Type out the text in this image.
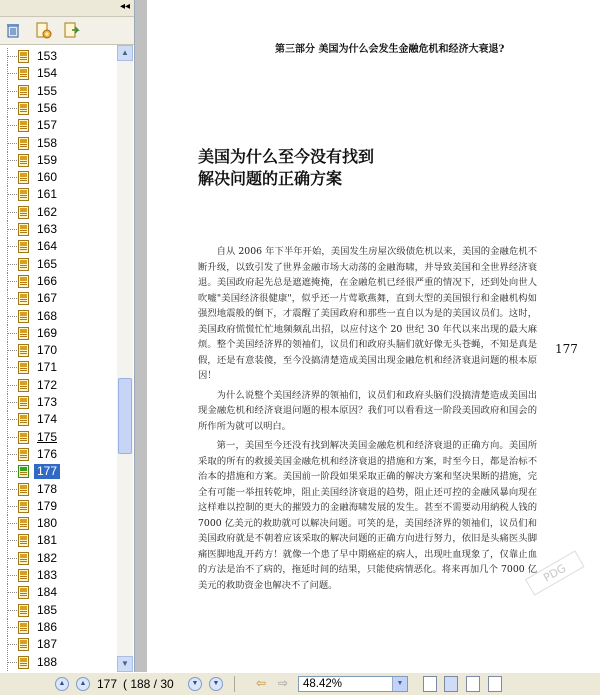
◂◂
153
154
155
156
157
158
159
160
161
162
163
164
165
166
167
168
169
170
171
172
173
174
175
176
177
178
179
180
181
182
183
184
185
186
187
188
▲
▼
第三部分 美国为什么会发生金融危机和经济大衰退?
美国为什么至今没有找到
解决问题的正确方案

自从 2006 年下半年开始，美国发生房屋次级债危机以来，美国的金融危机不断升级，以致引发了世界金融市场大动荡的金融海啸，并导致美国和全世界经济衰退。美国政府起先总是遮遮掩掩，在金融危机已经很严重的情况下，还到处向世人吹嘘"美国经济很健康"，似乎还一片莺歌燕舞，直到大型的美国银行和金融机构如强烈地震般的倒下，才震醒了美国政府和那些一直自以为是的美国议员们。这时，美国政府慌慌忙忙地频频乱出招，以应付这个 20 世纪 30 年代以来出现的最大麻烦。整个美国经济界的领袖们，议员们和政府头脑们就好像无头苍蝇，不知是真是假，还是有意装傻，至今没搞清楚造成美国出现金融危机和经济衰退问题的根本原因！

为什么说整个美国经济界的领袖们，议员们和政府头脑们没搞清楚造成美国出现金融危机和经济衰退问题的根本原因？我们可以看看这一阶段美国政府和国会的所作所为就可以明白。

第一，美国至今还没有找到解决美国金融危机和经济衰退的正确方向。美国所采取的所有的救援美国金融危机和经济衰退的措施和方案，时至今日，都是治标不治本的措施和方案。美国前一阶段如果采取正确的解决方案和坚决果断的措施，完全有可能一举扭转乾坤，阻止美国经济衰退的趋势，阻止还可控的金融风暴向现在这样难以控制的更大的摧毁力的金融海啸发展的发生。甚至不需要动用納税人钱的 7000 亿美元的救助就可以解决问题。可笑的是，美国经济界的领袖们，议员们和美国政府就是不朝着应该采取的解决问题的正确方向进行努力，依旧是头痛医头脚痛医脚地乱开药方！就像一个患了早中期癌症的病人，出现吐血现象了，仅靠止血的方法是治不了病的，拖延时间的结果，只能使病情恶化。将来再加几个 7000 亿美元的救助资金也解决不了问题。

177
PDG
▲	▲ 177 ( 188 / 30	▼	▼	⇦ ⇨	48.42%	▼
